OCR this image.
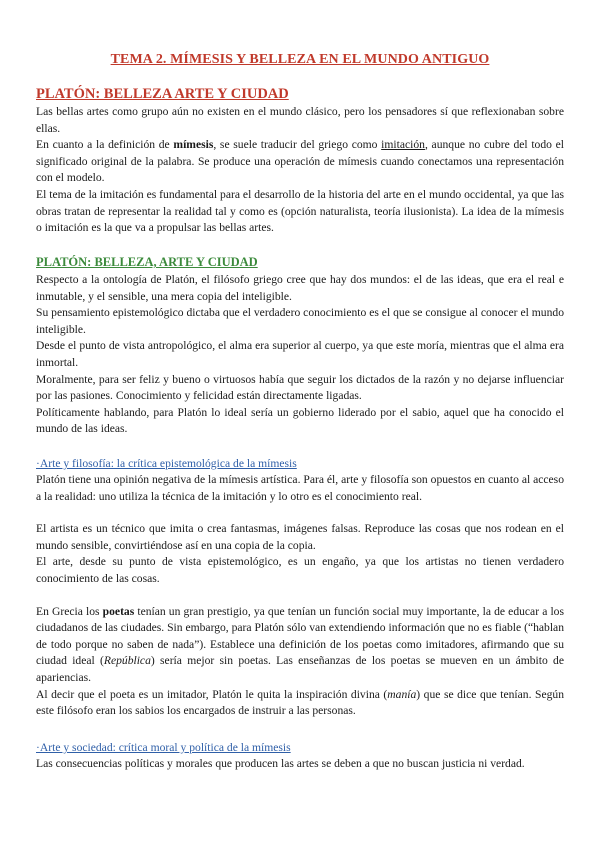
TEMA 2. MÍMESIS Y BELLEZA EN EL MUNDO ANTIGUO
PLATÓN: BELLEZA ARTE Y CIUDAD

Las bellas artes como grupo aún no existen en el mundo clásico, pero los pensadores sí que reflexionaban sobre ellas.

En cuanto a la definición de mímesis, se suele traducir del griego como imitación, aunque no cubre del todo el significado original de la palabra. Se produce una operación de mímesis cuando conectamos una representación con el modelo.

El tema de la imitación es fundamental para el desarrollo de la historia del arte en el mundo occidental, ya que las obras tratan de representar la realidad tal y como es (opción naturalista, teoría ilusionista). La idea de la mímesis o imitación es la que va a propulsar las bellas artes.

PLATÓN: BELLEZA, ARTE Y CIUDAD

Respecto a la ontología de Platón, el filósofo griego cree que hay dos mundos: el de las ideas, que era el real e inmutable, y el sensible, una mera copia del inteligible.

Su pensamiento epistemológico dictaba que el verdadero conocimiento es el que se consigue al conocer el mundo inteligible.

Desde el punto de vista antropológico, el alma era superior al cuerpo, ya que este moría, mientras que el alma era inmortal.

Moralmente, para ser feliz y bueno o virtuosos había que seguir los dictados de la razón y no dejarse influenciar por las pasiones. Conocimiento y felicidad están directamente ligadas.

Políticamente hablando, para Platón lo ideal sería un gobierno liderado por el sabio, aquel que ha conocido el mundo de las ideas.

·Arte y filosofía: la crítica epistemológica de la mímesis

Platón tiene una opinión negativa de la mímesis artística. Para él, arte y filosofía son opuestos en cuanto al acceso a la realidad: uno utiliza la técnica de la imitación y lo otro es el conocimiento real.

El artista es un técnico que imita o crea fantasmas, imágenes falsas. Reproduce las cosas que nos rodean en el mundo sensible, convirtiéndose así en una copia de la copia.

El arte, desde su punto de vista epistemológico, es un engaño, ya que los artistas no tienen verdadero conocimiento de las cosas.

En Grecia los poetas tenían un gran prestigio, ya que tenían un función social muy importante, la de educar a los ciudadanos de las ciudades. Sin embargo, para Platón sólo van extendiendo información que no es fiable (“hablan de todo porque no saben de nada”). Establece una definición de los poetas como imitadores, afirmando que su ciudad ideal (República) sería mejor sin poetas. Las enseñanzas de los poetas se mueven en un ámbito de apariencias.

Al decir que el poeta es un imitador, Platón le quita la inspiración divina (manía) que se dice que tenían. Según este filósofo eran los sabios los encargados de instruir a las personas.

·Arte y sociedad: crítica moral y política de la mímesis

Las consecuencias políticas y morales que producen las artes se deben a que no buscan justicia ni verdad.
